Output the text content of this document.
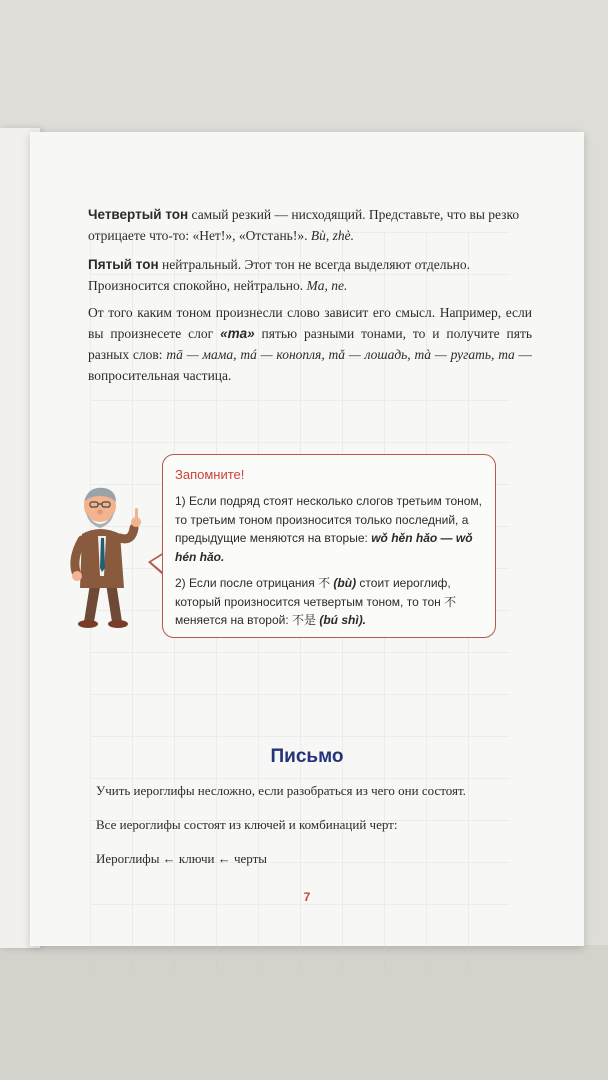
Четвертый тон самый резкий — нисходящий. Представьте, что вы резко отрицаете что-то: «Нет!», «Отстань!». Bù, zhè.
Пятый тон нейтральный. Этот тон не всегда выделяют отдельно. Произносится спокойно, нейтрально. Ma, ne.
От того каким тоном произнесли слово зависит его смысл. Например, если вы произнесете слог «ma» пятью разными тонами, то и получите пять разных слов: mā — мама, má — конопля, mǎ — лошадь, mà — ругать, ma — вопросительная частица.
Запомните!

1) Если подряд стоят несколько слогов третьим тоном, то третьим тоном произносится только последний, а предыдущие меняются на вторые: wǒ hěn hǎo — wǒ hén hǎo.

2) Если после отрицания 不 (bù) стоит иероглиф, который произносится четвертым тоном, то тон 不 меняется на второй: 不是 (bú shì).

Письмо
Учить иероглифы несложно, если разобраться из чего они состоят.
Все иероглифы состоят из ключей и комбинаций черт:
Иероглифы ← ключи ← черты
7
